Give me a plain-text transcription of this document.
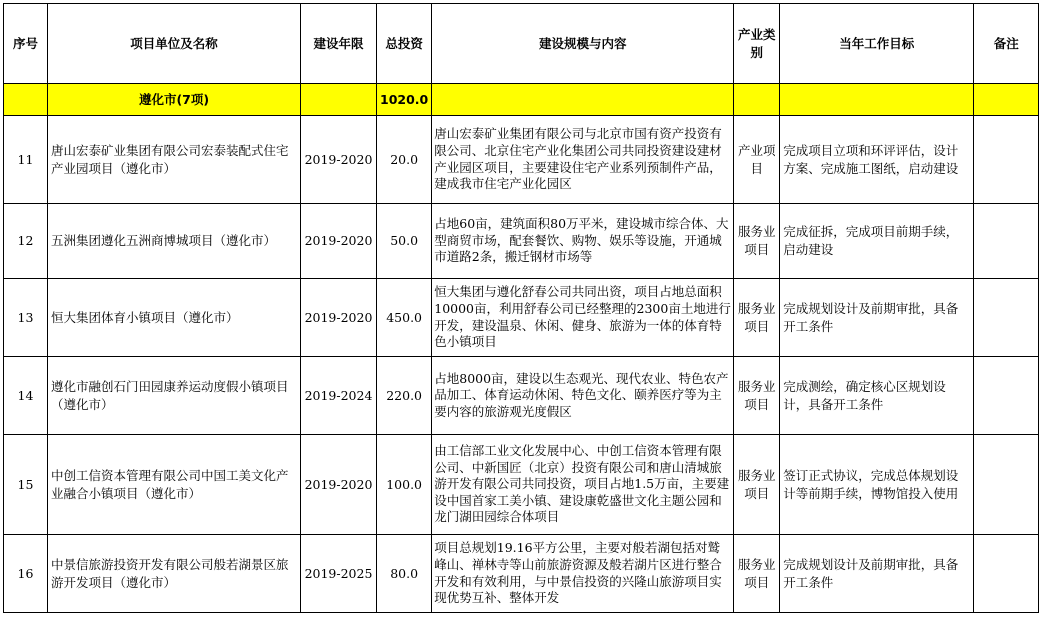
序号	项目单位及名称	建设年限	总投资	建设规模与内容	产业类别	当年工作目标	备注
	遵化市(7项)		1020.0				
11	唐山宏泰矿业集团有限公司宏泰装配式住宅产业园项目（遵化市）	2019-2020	20.0	唐山宏泰矿业集团有限公司与北京市国有资产投资有限公司、北京住宅产业化集团公司共同投资建设建材产业园区项目，主要建设住宅产业系列预制件产品，建成我市住宅产业化园区	产业项目	完成项目立项和环评评估，设计方案、完成施工图纸，启动建设	
12	五洲集团遵化五洲商博城项目（遵化市）	2019-2020	50.0	占地60亩，建筑面积80万平米，建设城市综合体、大型商贸市场，配套餐饮、购物、娱乐等设施，开通城市道路2条，搬迁钢材市场等	服务业项目	完成征拆，完成项目前期手续，启动建设	
13	恒大集团体育小镇项目（遵化市）	2019-2020	450.0	恒大集团与遵化舒春公司共同出资，项目占地总面积10000亩，利用舒春公司已经整理的2300亩土地进行开发，建设温泉、休闲、健身、旅游为一体的体育特色小镇项目	服务业项目	完成规划设计及前期审批，具备开工条件	
14	遵化市融创石门田园康养运动度假小镇项目（遵化市）	2019-2024	220.0	占地8000亩，建设以生态观光、现代农业、特色农产品加工、体育运动休闲、特色文化、颐养医疗等为主要内容的旅游观光度假区	服务业项目	完成测绘，确定核心区规划设计，具备开工条件	
15	中创工信资本管理有限公司中国工美文化产业融合小镇项目（遵化市）	2019-2020	100.0	由工信部工业文化发展中心、中创工信资本管理有限公司、中新国匠（北京）投资有限公司和唐山清城旅游开发有限公司共同投资，项目占地1.5万亩，主要建设中国首家工美小镇、建设康乾盛世文化主题公园和龙门湖田园综合体项目	服务业项目	签订正式协议，完成总体规划设计等前期手续，博物馆投入使用	
16	中景信旅游投资开发有限公司般若湖景区旅游开发项目（遵化市）	2019-2025	80.0	项目总规划19.16平方公里，主要对般若湖包括对鹫峰山、禅林寺等山前旅游资源及般若湖片区进行整合开发和有效利用，与中景信投资的兴隆山旅游项目实现优势互补、整体开发	服务业项目	完成规划设计及前期审批，具备开工条件	
